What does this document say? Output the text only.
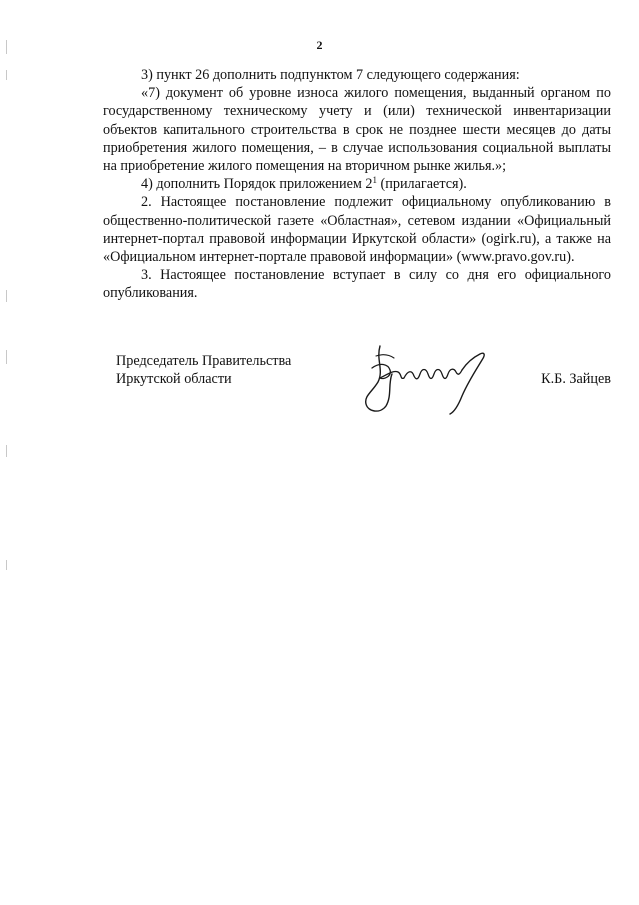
2

3) пункт 26 дополнить подпунктом 7 следующего содержания:

«7) документ об уровне износа жилого помещения, выданный органом по государственному техническому учету и (или) технической инвентаризации объектов капитального строительства в срок не позднее шести месяцев до даты приобретения жилого помещения, – в случае использования социальной выплаты на приобретение жилого помещения на вторичном рынке жилья.»;

4) дополнить Порядок приложением $2^1$ (прилагается).

2. Настоящее постановление подлежит официальному опубликованию в общественно-политической газете «Областная», сетевом издании «Официальный интернет-портал правовой информации Иркутской области» (ogirk.ru), а также на «Официальном интернет-портале правовой информации» (www.pravo.gov.ru).

3. Настоящее постановление вступает в силу со дня его официального опубликования.

Председатель Правительства
Иркутской области	К.Б. Зайцев
